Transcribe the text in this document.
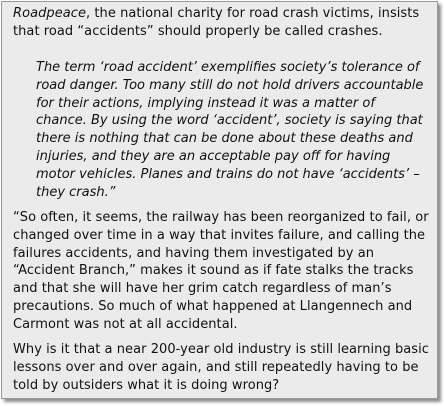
Roadpeace, the national charity for road crash victims, insists that road “accidents” should properly be called crashes.

The term ‘road accident’ exemplifies society’s tolerance of road danger. Too many still do not hold drivers accountable for their actions, implying instead it was a matter of chance. By using the word ‘accident’, society is saying that there is nothing that can be done about these deaths and injuries, and they are an acceptable pay off for having motor vehicles. Planes and trains do not have ‘accidents’ – they crash.”

“So often, it seems, the railway has been reorganized to fail, or changed over time in a way that invites failure, and calling the failures accidents, and having them investigated by an “Accident Branch,” makes it sound as if fate stalks the tracks and that she will have her grim catch regardless of man’s precautions. So much of what happened at Llangennech and Carmont was not at all accidental.

Why is it that a near 200-year old industry is still learning basic lessons over and over again, and still repeatedly having to be told by outsiders what it is doing wrong?
